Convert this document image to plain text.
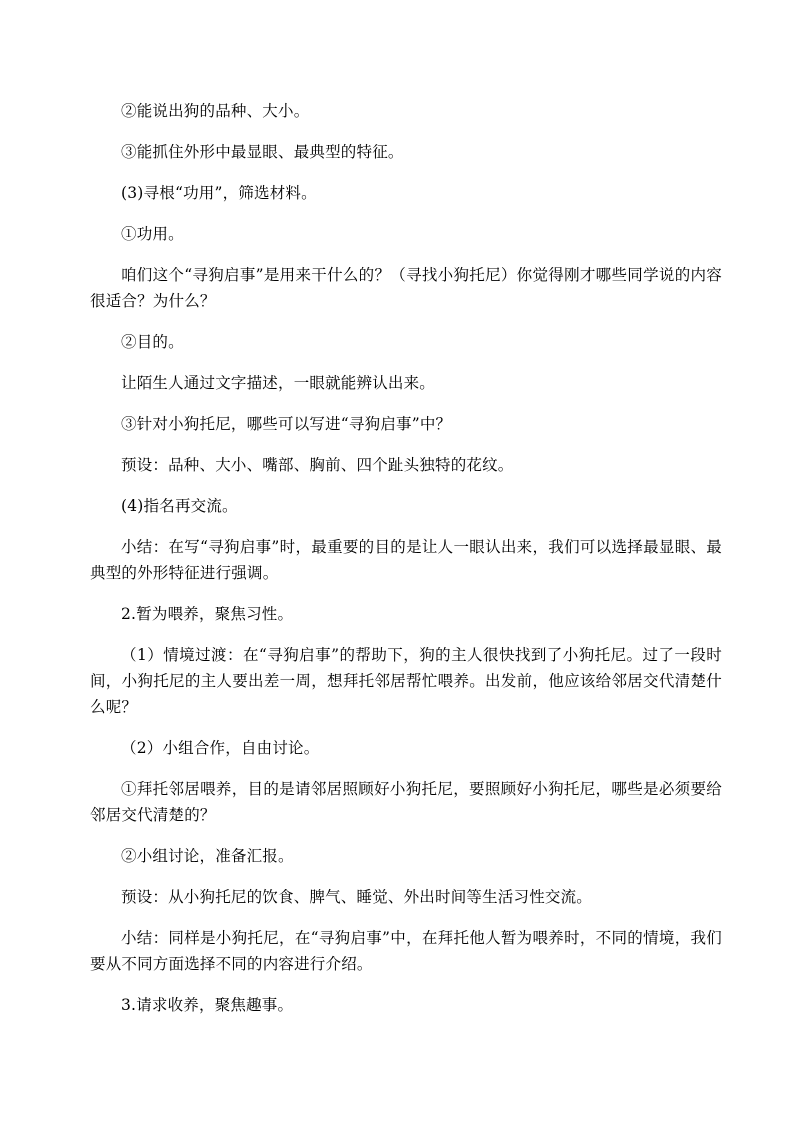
②能说出狗的品种、大小。

③能抓住外形中最显眼、最典型的特征。

(3)寻根“功用”，筛选材料。

①功用。

咱们这个“寻狗启事”是用来干什么的？（寻找小狗托尼）你觉得刚才哪些同学说的内容很适合？为什么？

②目的。

让陌生人通过文字描述，一眼就能辨认出来。

③针对小狗托尼，哪些可以写进“寻狗启事”中？

预设：品种、大小、嘴部、胸前、四个趾头独特的花纹。

(4)指名再交流。

小结：在写“寻狗启事”时，最重要的目的是让人一眼认出来，我们可以选择最显眼、最典型的外形特征进行强调。

2.暂为喂养，聚焦习性。

（1）情境过渡：在“寻狗启事”的帮助下，狗的主人很快找到了小狗托尼。过了一段时间，小狗托尼的主人要出差一周，想拜托邻居帮忙喂养。出发前，他应该给邻居交代清楚什么呢？

（2）小组合作，自由讨论。

①拜托邻居喂养，目的是请邻居照顾好小狗托尼，要照顾好小狗托尼，哪些是必须要给邻居交代清楚的？

②小组讨论，准备汇报。

预设：从小狗托尼的饮食、脾气、睡觉、外出时间等生活习性交流。

小结：同样是小狗托尼，在“寻狗启事”中，在拜托他人暂为喂养时，不同的情境，我们要从不同方面选择不同的内容进行介绍。

3.请求收养，聚焦趣事。
